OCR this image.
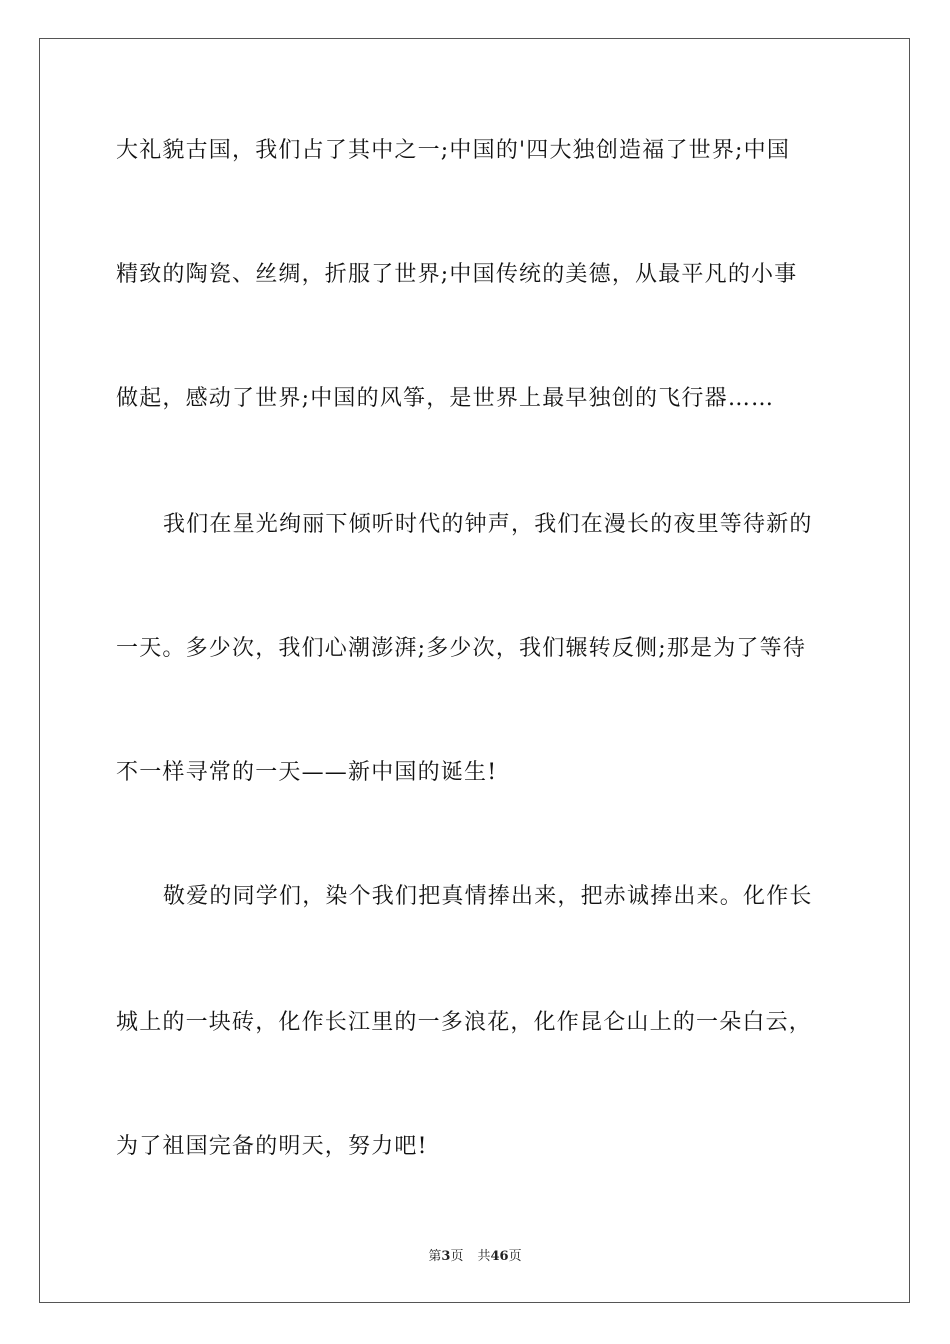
大礼貌古国，我们占了其中之一;中国的'四大独创造福了世界;中国
精致的陶瓷、丝绸，折服了世界;中国传统的美德，从最平凡的小事
做起，感动了世界;中国的风筝，是世界上最早独创的飞行器……
我们在星光绚丽下倾听时代的钟声，我们在漫长的夜里等待新的
一天。多少次，我们心潮澎湃;多少次，我们辗转反侧;那是为了等待
不一样寻常的一天——新中国的诞生!
敬爱的同学们，染个我们把真情捧出来，把赤诚捧出来。化作长
城上的一块砖，化作长江里的一多浪花，化作昆仑山上的一朵白云，
为了祖国完备的明天，努力吧!
第3页 共46页
